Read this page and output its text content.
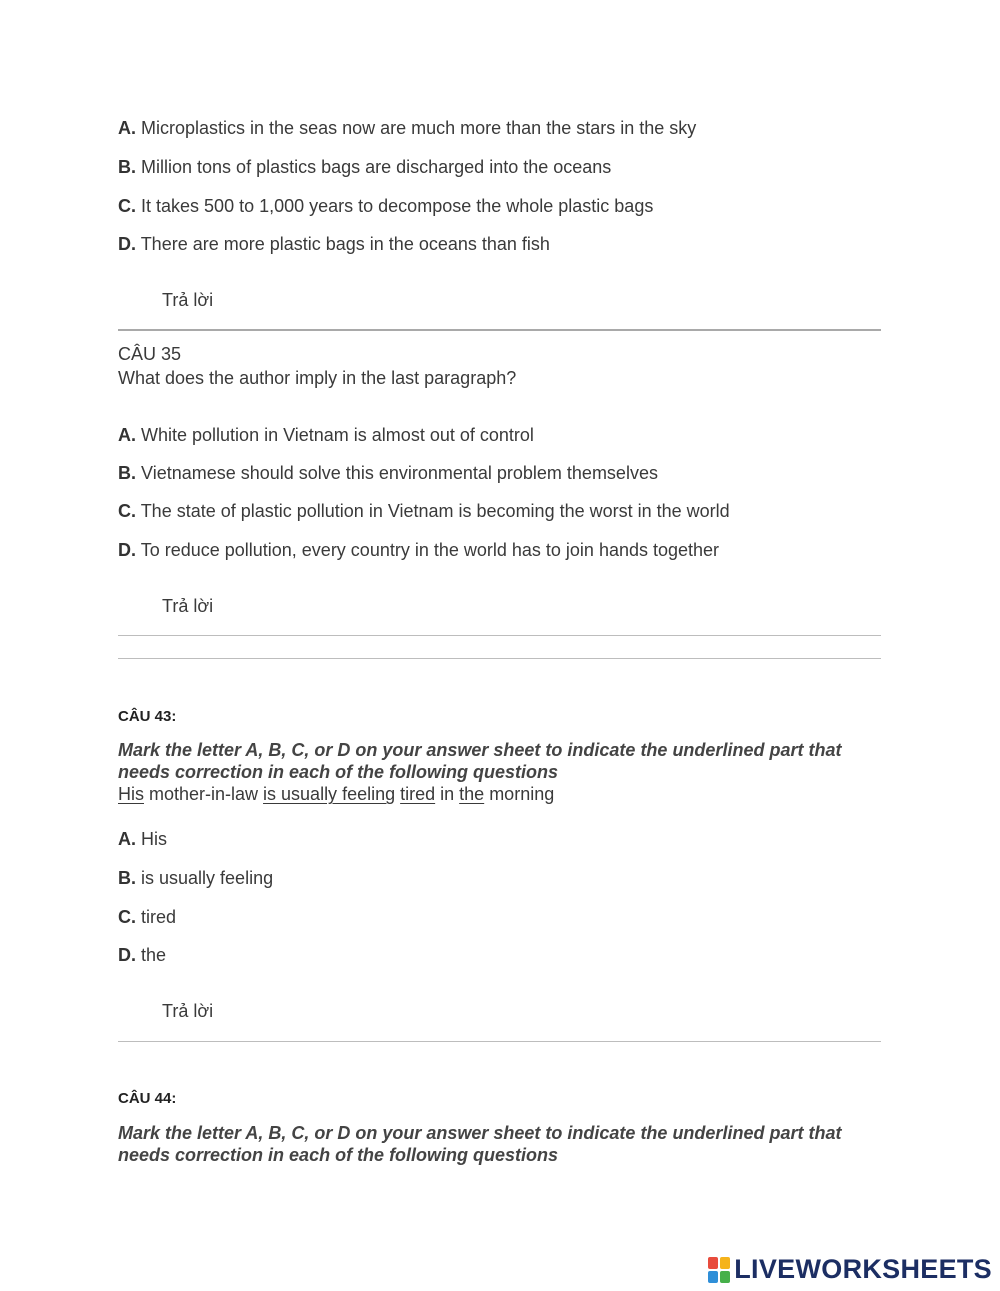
A. Microplastics in the seas now are much more than the stars in the sky
B. Million tons of plastics bags are discharged into the oceans
C. It takes 500 to 1,000 years to decompose the whole plastic bags
D. There are more plastic bags in the oceans than fish
Trả lời
CÂU 35
What does the author imply in the last paragraph?
A. White pollution in Vietnam is almost out of control
B. Vietnamese should solve this environmental problem themselves
C. The state of plastic pollution in Vietnam is becoming the worst in the world
D. To reduce pollution, every country in the world has to join hands together
Trả lời
CÂU 43:
Mark the letter A, B, C, or D on your answer sheet to indicate the underlined part that needs correction in each of the following questions
His mother-in-law is usually feeling tired in the morning
A. His
B. is usually feeling
C. tired
D. the
Trả lời
CÂU 44:
Mark the letter A, B, C, or D on your answer sheet to indicate the underlined part that needs correction in each of the following questions
LIVEWORKSHEETS
